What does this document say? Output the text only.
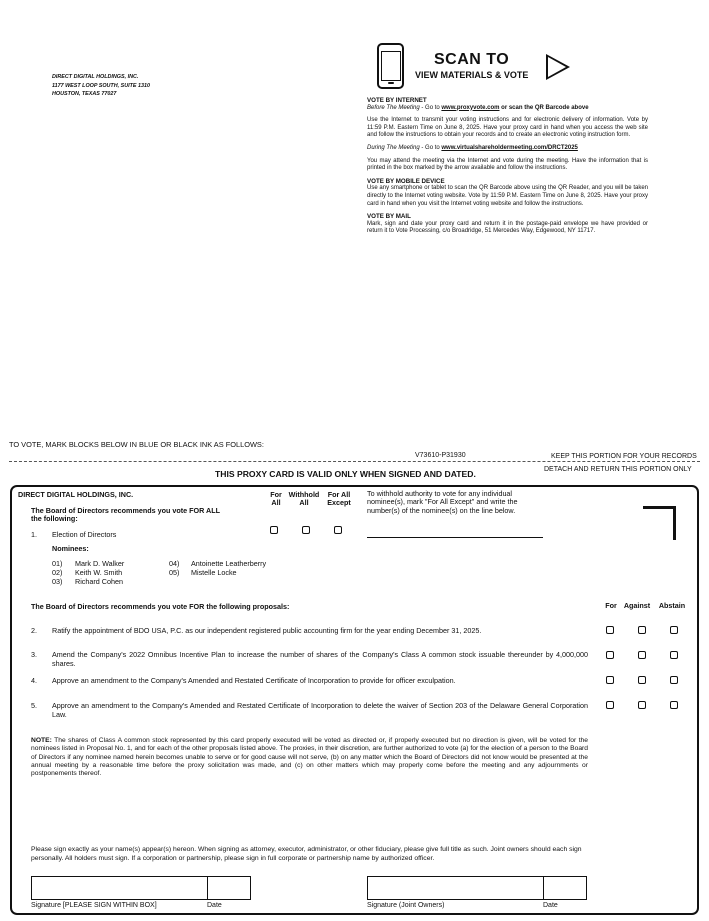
DIRECT DIGITAL HOLDINGS, INC.
1177 WEST LOOP SOUTH, SUITE 1310
HOUSTON, TEXAS 77027
SCAN TO
VIEW MATERIALS & VOTE

VOTE BY INTERNET

Before The Meeting - Go to www.proxyvote.com or scan the QR Barcode above

Use the Internet to transmit your voting instructions and for electronic delivery of information. Vote by 11:59 P.M. Eastern Time on June 8, 2025. Have your proxy card in hand when you access the web site and follow the instructions to obtain your records and to create an electronic voting instruction form.

During The Meeting - Go to www.virtualshareholdermeeting.com/DRCT2025

You may attend the meeting via the Internet and vote during the meeting. Have the information that is printed in the box marked by the arrow available and follow the instructions.

VOTE BY MOBILE DEVICE

Use any smartphone or tablet to scan the QR Barcode above using the QR Reader, and you will be taken directly to the Internet voting website. Vote by 11:59 P.M. Eastern Time on June 8, 2025. Have your proxy card in hand when you visit the Internet voting website and follow the instructions.

VOTE BY MAIL

Mark, sign and date your proxy card and return it in the postage-paid envelope we have provided or return it to Vote Processing, c/o Broadridge, 51 Mercedes Way, Edgewood, NY 11717.

TO VOTE, MARK BLOCKS BELOW IN BLUE OR BLACK INK AS FOLLOWS:
V73610-P31930	KEEP THIS PORTION FOR YOUR RECORDS
DETACH AND RETURN THIS PORTION ONLY
THIS PROXY CARD IS VALID ONLY WHEN SIGNED AND DATED.
DIRECT DIGITAL HOLDINGS, INC.
The Board of Directors recommends you vote FOR ALL
the following:
For
All
Withhold
All
For All
Except
To withhold authority to vote for any individual nominee(s), mark "For All Except" and write the number(s) of the nominee(s) on the line below.
1. Election of Directors
Nominees:
01) Mark D. Walker
02) Keith W. Smith
03) Richard Cohen
04) Antoinette Leatherberry
05) Mistelle Locke
The Board of Directors recommends you vote FOR the following proposals:	For Against	Abstain
2. Ratify the appointment of BDO USA, P.C. as our independent registered public accounting firm for the year ending December 31, 2025.
3. Amend the Company's 2022 Omnibus Incentive Plan to increase the number of shares of the Company's Class A common stock issuable thereunder by 4,000,000 shares.
4. Approve an amendment to the Company's Amended and Restated Certificate of Incorporation to provide for officer exculpation.
5. Approve an amendment to the Company's Amended and Restated Certificate of Incorporation to delete the waiver of Section 203 of the Delaware General Corporation Law.
NOTE: The shares of Class A common stock represented by this card properly executed will be voted as directed or, if properly executed but no direction is given, will be voted for the nominees listed in Proposal No. 1, and for each of the other proposals listed above. The proxies, in their discretion, are further authorized to vote (a) for the election of a person to the Board of Directors if any nominee named herein becomes unable to serve or for good cause will not serve, (b) on any matter which the Board of Directors did not know would be presented at the annual meeting by a reasonable time before the proxy solicitation was made, and (c) on other matters which may properly come before the meeting and any adjournments or postponements thereof.
Please sign exactly as your name(s) appear(s) hereon. When signing as attorney, executor, administrator, or other fiduciary, please give full title as such. Joint owners should each sign personally. All holders must sign. If a corporation or partnership, please sign in full corporate or partnership name by authorized officer.
Signature [PLEASE SIGN WITHIN BOX]	Date	Signature (Joint Owners)	Date
